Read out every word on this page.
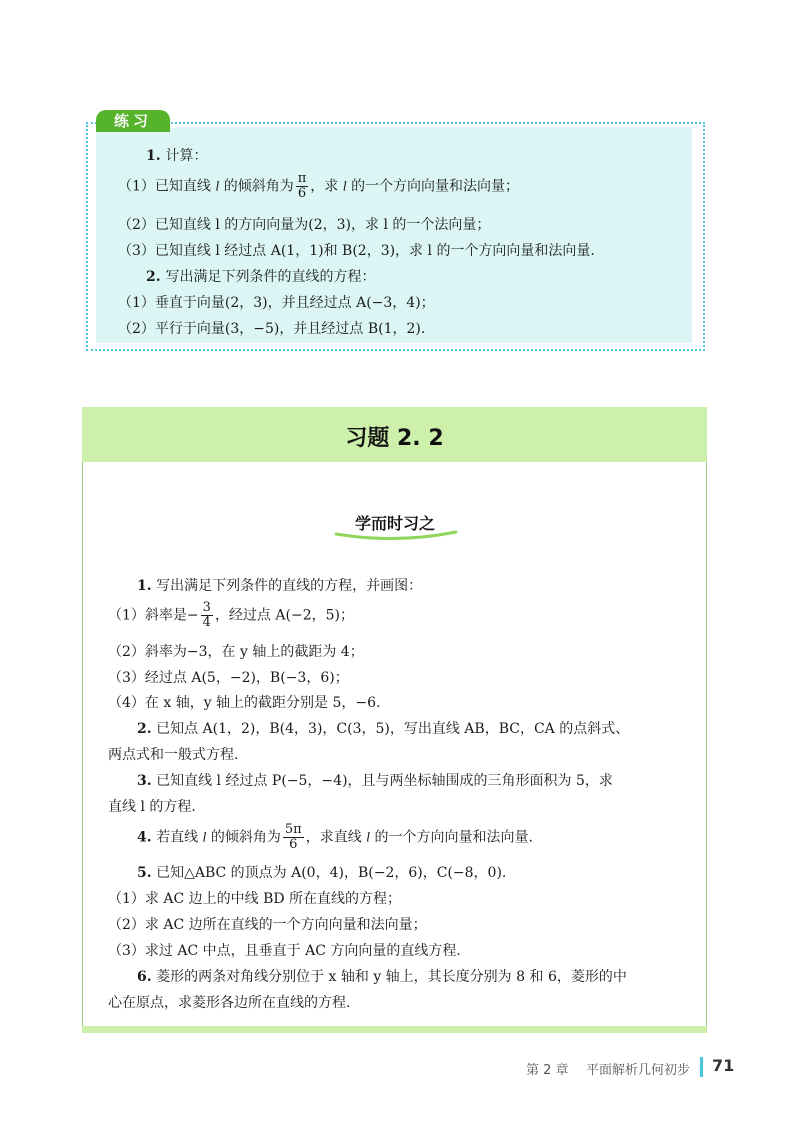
练习
1. 计算：
（1）已知直线 l 的倾斜角为 $\frac{\pi}{6}$ ，求 l 的一个方向向量和法向量；
（2）已知直线 l 的方向向量为(2，3)，求 l 的一个法向量；
（3）已知直线 l 经过点 A(1，1)和 B(2，3)，求 l 的一个方向向量和法向量.
2. 写出满足下列条件的直线的方程：
（1）垂直于向量(2，3)，并且经过点 A(−3，4)；
（2）平行于向量(3，−5)，并且经过点 B(1，2).
习题 2. 2
学而时习之
1. 写出满足下列条件的直线的方程，并画图：
（1）斜率是− $\frac{3}{4}$ ，经过点 A(−2，5)；
（2）斜率为−3，在 y 轴上的截距为 4；
（3）经过点 A(5，−2)，B(−3，6)；
（4）在 x 轴，y 轴上的截距分别是 5，−6.
2. 已知点 A(1，2)，B(4，3)，C(3，5)，写出直线 AB，BC，CA 的点斜式、
两点式和一般式方程.
3. 已知直线 l 经过点 P(−5，−4)，且与两坐标轴围成的三角形面积为 5，求
直线 l 的方程.
4. 若直线 l 的倾斜角为 $\frac{5\pi}{6}$ ，求直线 l 的一个方向向量和法向量.
5. 已知△ABC 的顶点为 A(0，4)，B(−2，6)，C(−8，0).
（1）求 AC 边上的中线 BD 所在直线的方程；
（2）求 AC 边所在直线的一个方向向量和法向量；
（3）求过 AC 中点，且垂直于 AC 方向向量的直线方程.
6. 菱形的两条对角线分别位于 x 轴和 y 轴上，其长度分别为 8 和 6，菱形的中
心在原点，求菱形各边所在直线的方程.
第 2 章 平面解析几何初步 71
